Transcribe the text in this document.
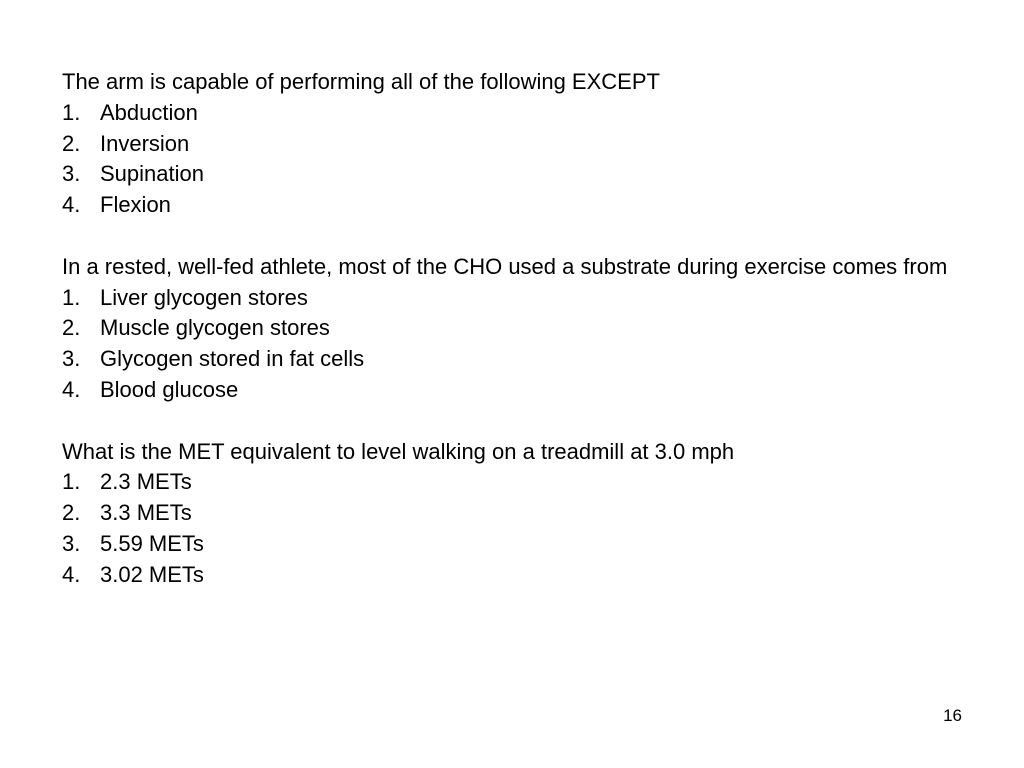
The arm is capable of performing all of the following EXCEPT

1. Abduction
2. Inversion
3. Supination
4. Flexion

In a rested, well-fed athlete, most of the CHO used a substrate during exercise comes from

1. Liver glycogen stores
2. Muscle glycogen stores
3. Glycogen stored in fat cells
4. Blood glucose

What is the MET equivalent to level walking on a treadmill at 3.0 mph

1. 2.3 METs
2. 3.3 METs
3. 5.59 METs
4. 3.02 METs
16
